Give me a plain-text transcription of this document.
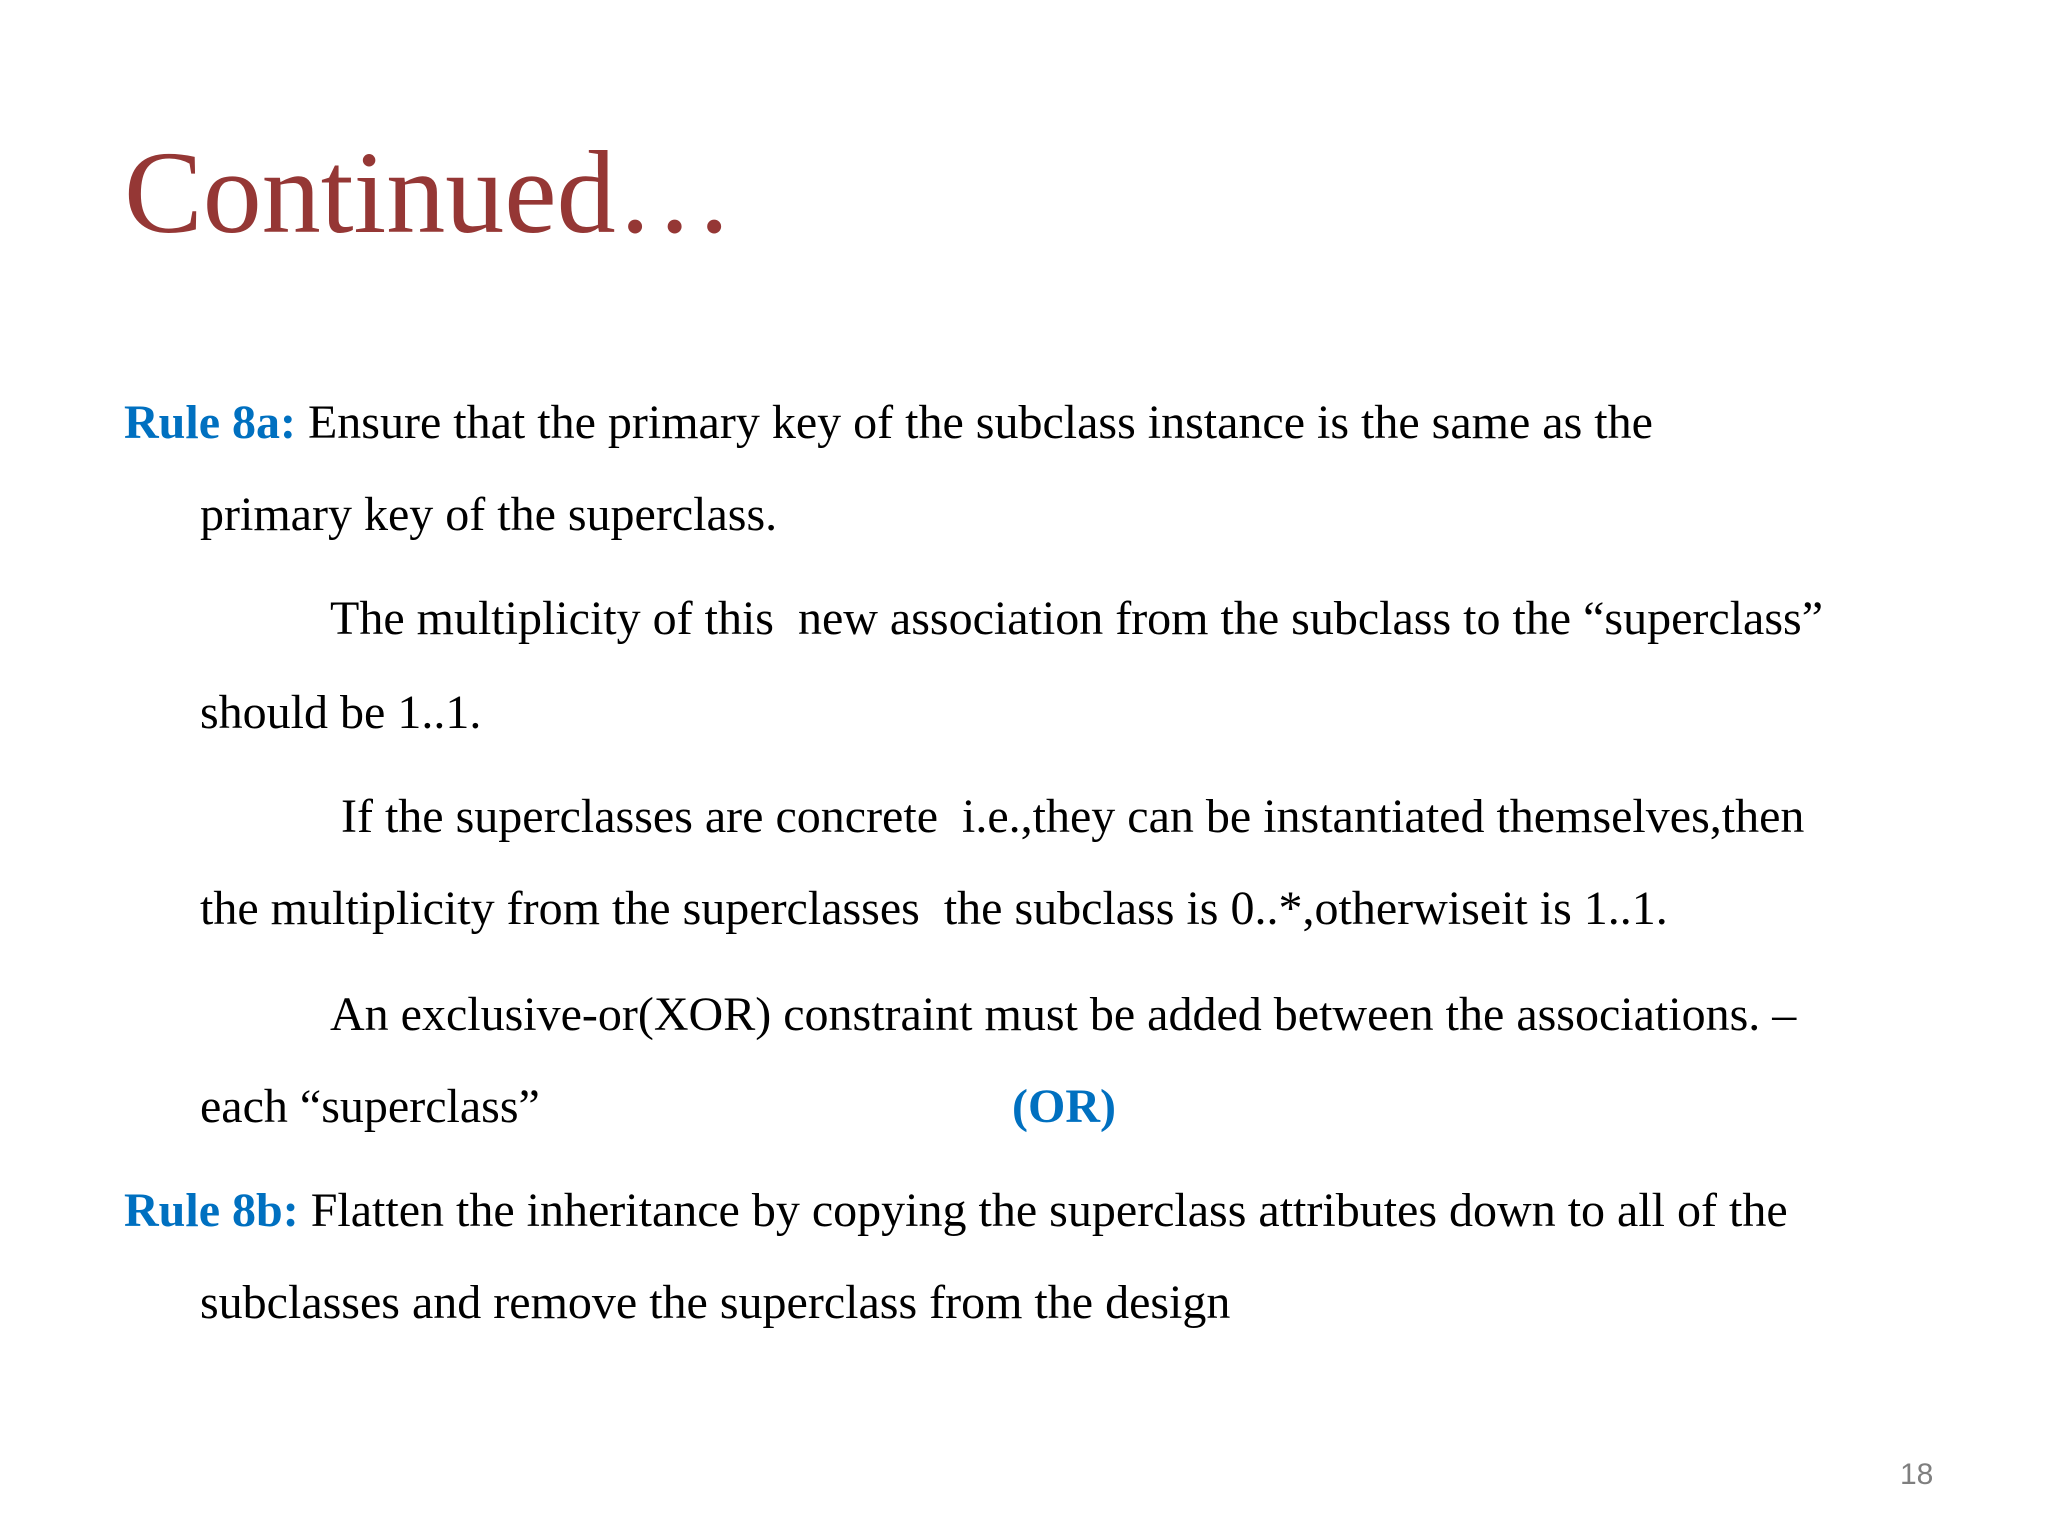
Continued…
Rule 8a: Ensure that the primary key of the subclass instance is the same as the
primary key of the superclass.
The multiplicity of this  new association from the subclass to the “superclass”
should be 1..1.
If the superclasses are concrete  i.e.,they can be instantiated themselves,then
the multiplicity from the superclasses  the subclass is 0..*,otherwiseit is 1..1.
An exclusive-or(XOR) constraint must be added between the associations. –
each “superclass”	(OR)
Rule 8b: Flatten the inheritance by copying the superclass attributes down to all of the
subclasses and remove the superclass from the design
18
